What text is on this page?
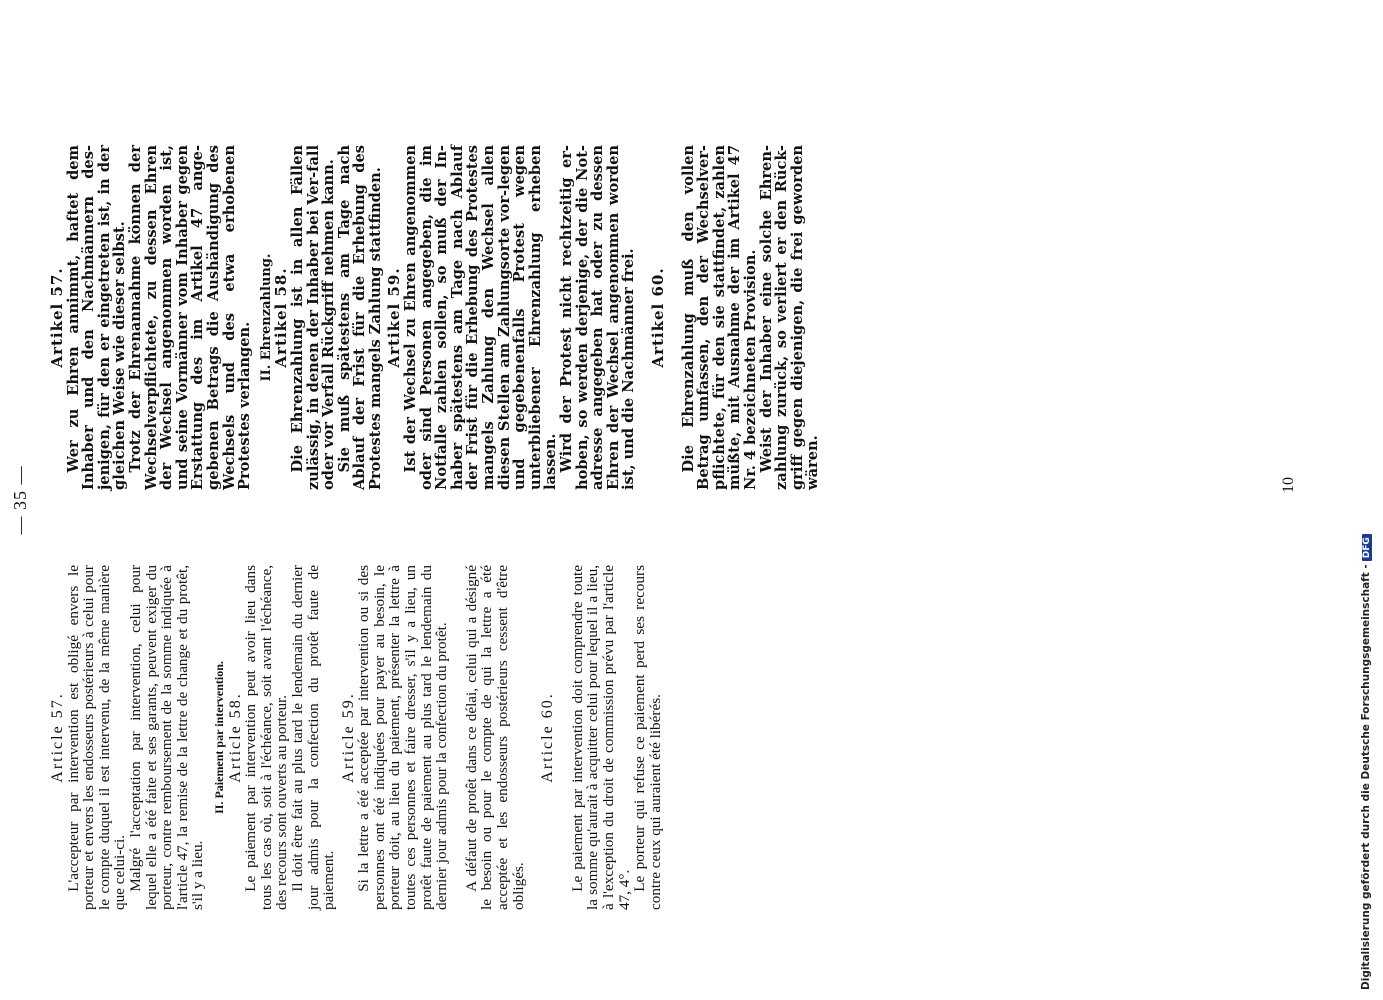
— 35 —
Article 57.

L'accepteur par intervention est obligé envers le porteur et envers les endosseurs postérieurs à celui pour le compte duquel il est intervenu, de la même manière que celui-ci.

Malgré l'acceptation par intervention, celui pour lequel elle a été faite et ses garants, peuvent exiger du porteur, contre remboursement de la somme indiquée à l'article 47, la remise de la lettre de change et du protêt, s'il y a lieu.

II. Paiement par intervention. Article 58.

Le paiement par intervention peut avoir lieu dans tous les cas où, soit à l'échéance, soit avant l'échéance, des recours sont ouverts au porteur.

Il doit être fait au plus tard le lendemain du dernier jour admis pour la confection du protêt faute de paiement.

Article 59.

Si la lettre a été acceptée par intervention ou si des personnes ont été indiquées pour payer au besoin, le porteur doit, au lieu du paiement, présenter la lettre à toutes ces personnes et faire dresser, s'il y a lieu, un protêt faute de paiement au plus tard le lendemain du dernier jour admis pour la confection du protêt. A défaut de protêt dans ce délai, celui qui a désigné le besoin ou pour le compte de qui la lettre a été acceptée et les endosseurs postérieurs cessent d'être obligés.

Article 60. Le paiement par intervention doit comprendre toute la somme qu'aurait à acquitter celui pour lequel il a lieu, à l'exception du droit de commission prévu par l'article 47, 4°.

Le porteur qui refuse ce paiement perd ses recours contre ceux qui auraient été libérés.

Artikel 57.

Wer zu Ehren annimmt, haftet dem Inhaber und den Nachmännern des-jenigen, für den er eingetreten ist, in der gleichen Weise wie dieser selbst.

Trotz der Ehrenannahme können der Wechselverpflichtete, zu dessen Ehren der Wechsel angenommen worden ist, und seine Vormänner vom Inhaber gegen Erstattung des im Artikel 47 ange-gebenen Betrags die Aushändigung des Wechsels und des etwa erhobenen Protestes verlangen.

II. Ehrenzahlung.
Artikel 58.

Die Ehrenzahlung ist in allen Fällen zulässig, in denen der Inhaber bei Ver-fall oder vor Verfall Rückgriff nehmen kann.

Sie muß spätestens am Tage nach Ablauf der Frist für die Erhebung des Protestes mangels Zahlung stattfinden. Artikel 59.

Ist der Wechsel zu Ehren angenommen oder sind Personen angegeben, die im Notfalle zahlen sollen, so muß der In-haber spätestens am Tage nach Ablauf der Frist für die Erhebung des Protestes mangels Zahlung den Wechsel allen diesen Stellen am Zahlungsorte vor-legen und gegebenenfalls Protest wegen unterbliebener Ehrenzahlung erheben lassen.

Wird der Protest nicht rechtzeitig er-hoben, so werden derjenige, der die Not-adresse angegeben hat oder zu dessen Ehren der Wechsel angenommen worden ist, und die Nachmänner frei. Artikel 60. Die Ehrenzahlung muß den vollen Betrag umfassen, den der Wechselver-pflichtete, für den sie stattfindet, zahlen müßte, mit Ausnahme der im Artikel 47 Nr. 4 bezeichneten Provision.

Weist der Inhaber eine solche Ehren-zahlung zurück, so verliert er den Rück-griff gegen diejenigen, die frei geworden wären.	10
Digitalisierung gefördert durch die Deutsche Forschungsgemeinschaft -DFG
